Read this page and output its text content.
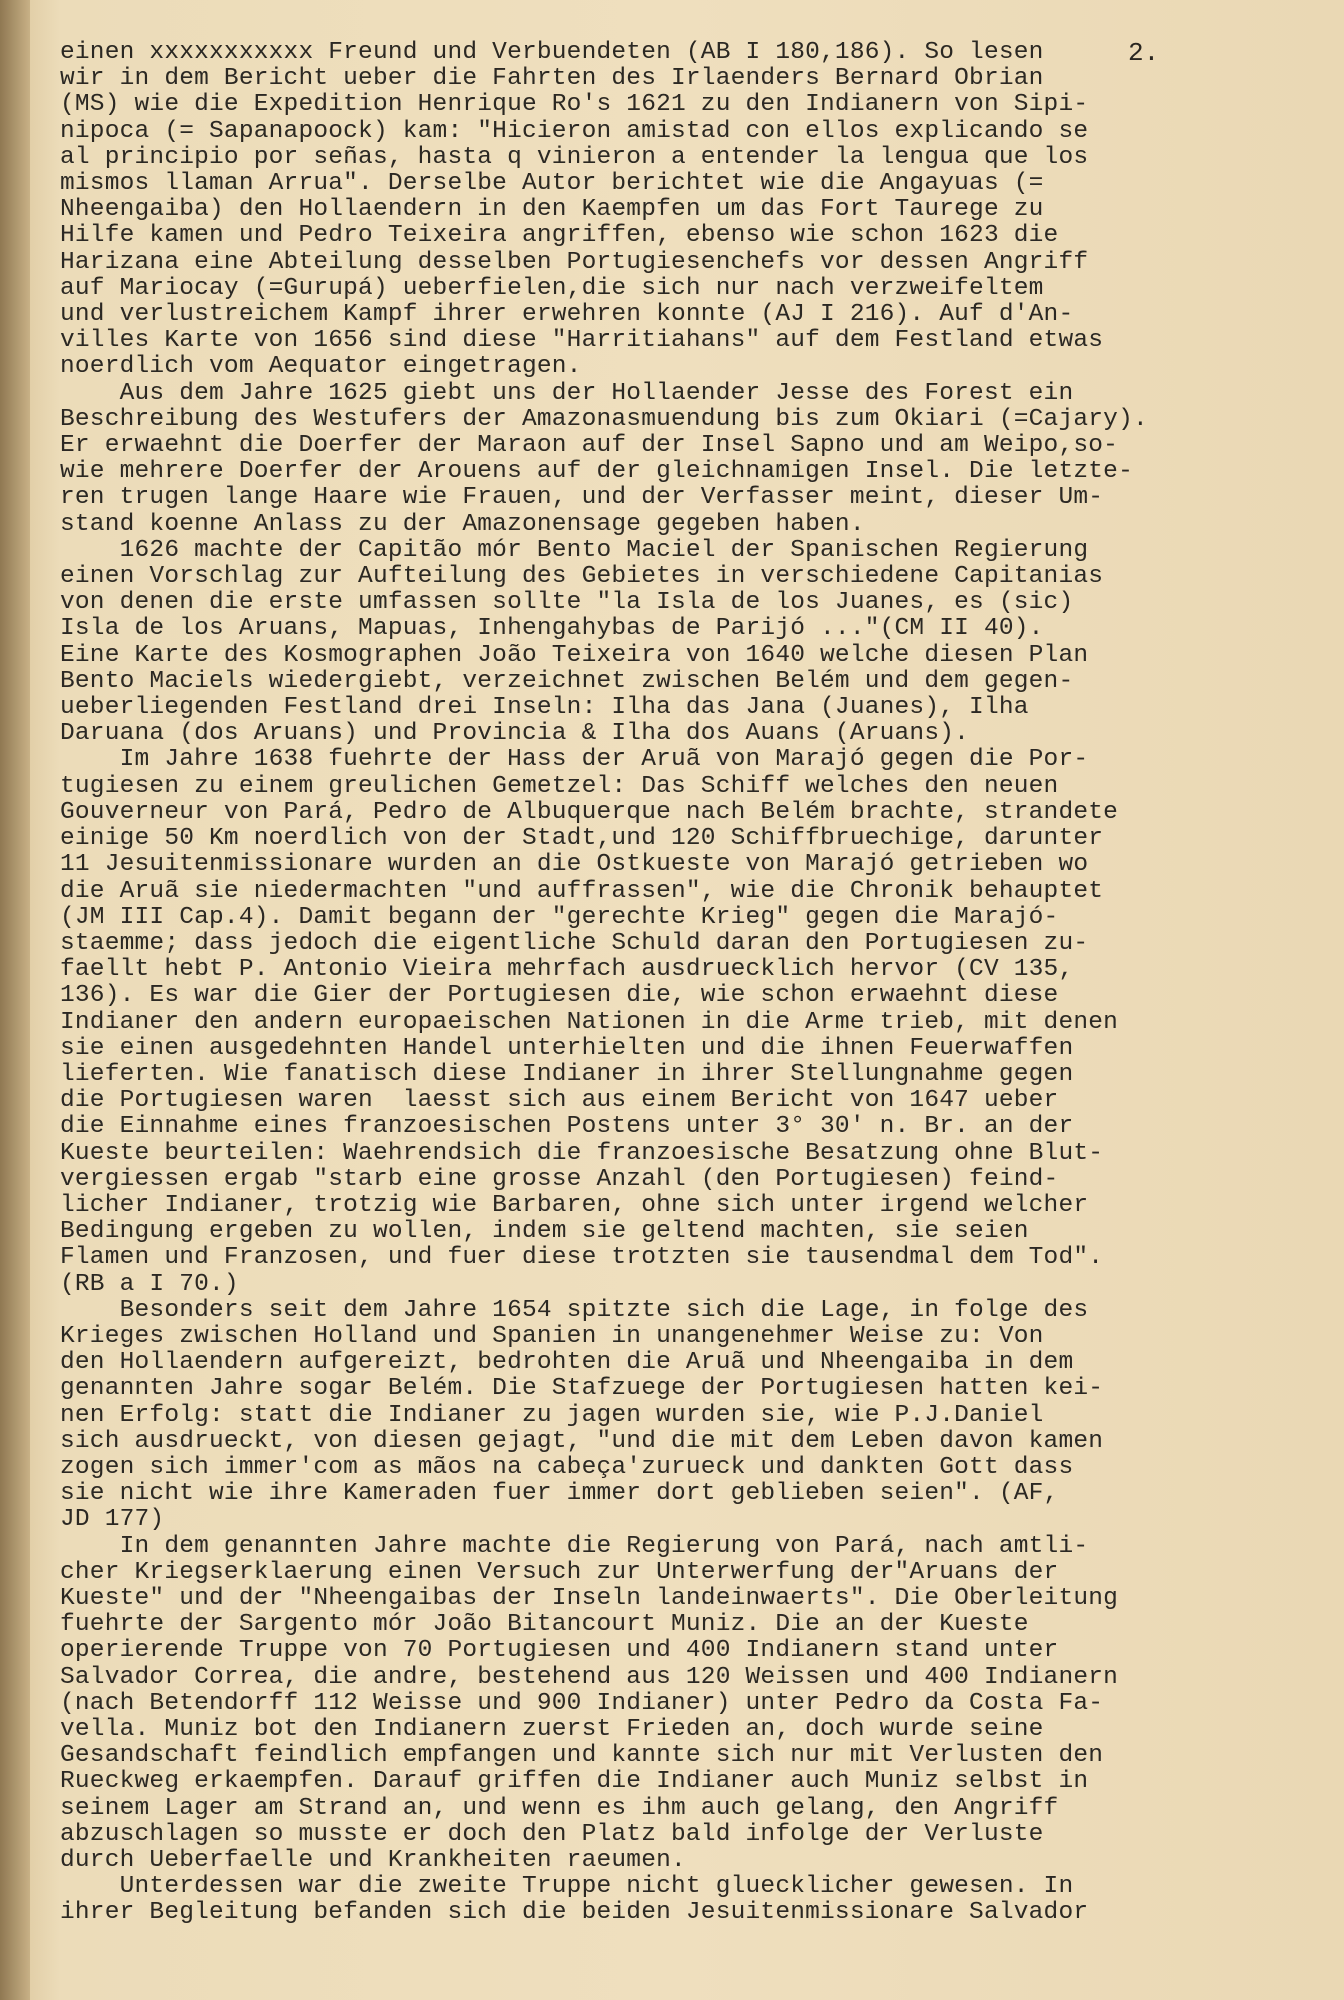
2.
einen xxxxxxxxxxx Freund und Verbuendeten (AB I 180,186). So lesen
wir in dem Bericht ueber die Fahrten des Irlaenders Bernard Obrian
(MS) wie die Expedition Henrique Ro's 1621 zu den Indianern von Sipi-
nipoca (= Sapanapoock) kam: "Hicieron amistad con ellos explicando se
al principio por señas, hasta q vinieron a entender la lengua que los
mismos llaman Arrua". Derselbe Autor berichtet wie die Angayuas (=
Nheengaiba) den Hollaendern in den Kaempfen um das Fort Taurege zu
Hilfe kamen und Pedro Teixeira angriffen, ebenso wie schon 1623 die
Harizana eine Abteilung desselben Portugiesenchefs vor dessen Angriff
auf Mariocay (=Gurupá) ueberfielen,die sich nur nach verzweifeltem
und verlustreichem Kampf ihrer erwehren konnte (AJ I 216). Auf d'An-
villes Karte von 1656 sind diese "Harritiahans" auf dem Festland etwas
noerdlich vom Aequator eingetragen.
Aus dem Jahre 1625 giebt uns der Hollaender Jesse des Forest ein
Beschreibung des Westufers der Amazonasmuendung bis zum Okiari (=Cajary).
Er erwaehnt die Doerfer der Maraon auf der Insel Sapno und am Weipo,so-
wie mehrere Doerfer der Arouens auf der gleichnamigen Insel. Die letzte-
ren trugen lange Haare wie Frauen, und der Verfasser meint, dieser Um-
stand koenne Anlass zu der Amazonensage gegeben haben.
1626 machte der Capitão mór Bento Maciel der Spanischen Regierung
einen Vorschlag zur Aufteilung des Gebietes in verschiedene Capitanias
von denen die erste umfassen sollte "la Isla de los Juanes, es (sic)
Isla de los Aruans, Mapuas, Inhengahybas de Parijó ..."(CM II 40).
Eine Karte des Kosmographen João Teixeira von 1640 welche diesen Plan
Bento Maciels wiedergiebt, verzeichnet zwischen Belém und dem gegen-
ueberliegenden Festland drei Inseln: Ilha das Jana (Juanes), Ilha
Daruana (dos Aruans) und Provincia & Ilha dos Auans (Aruans).
Im Jahre 1638 fuehrte der Hass der Aruã von Marajó gegen die Por-
tugiesen zu einem greulichen Gemetzel: Das Schiff welches den neuen
Gouverneur von Pará, Pedro de Albuquerque nach Belém brachte, strandete
einige 50 Km noerdlich von der Stadt,und 120 Schiffbruechige, darunter
11 Jesuitenmissionare wurden an die Ostkueste von Marajó getrieben wo
die Aruã sie niedermachten "und auffrassen", wie die Chronik behauptet
(JM III Cap.4). Damit begann der "gerechte Krieg" gegen die Marajó-
staemme; dass jedoch die eigentliche Schuld daran den Portugiesen zu-
faellt hebt P. Antonio Vieira mehrfach ausdruecklich hervor (CV 135,
136). Es war die Gier der Portugiesen die, wie schon erwaehnt diese
Indianer den andern europaeischen Nationen in die Arme trieb, mit denen
sie einen ausgedehnten Handel unterhielten und die ihnen Feuerwaffen
lieferten. Wie fanatisch diese Indianer in ihrer Stellungnahme gegen
die Portugiesen waren  laesst sich aus einem Bericht von 1647 ueber
die Einnahme eines franzoesischen Postens unter 3° 30' n. Br. an der
Kueste beurteilen: Waehrendsich die franzoesische Besatzung ohne Blut-
vergiessen ergab "starb eine grosse Anzahl (den Portugiesen) feind-
licher Indianer, trotzig wie Barbaren, ohne sich unter irgend welcher
Bedingung ergeben zu wollen, indem sie geltend machten, sie seien
Flamen und Franzosen, und fuer diese trotzten sie tausendmal dem Tod".
(RB a I 70.)
Besonders seit dem Jahre 1654 spitzte sich die Lage, in folge des
Krieges zwischen Holland und Spanien in unangenehmer Weise zu: Von
den Hollaendern aufgereizt, bedrohten die Aruã und Nheengaiba in dem
genannten Jahre sogar Belém. Die Stafzuege der Portugiesen hatten kei-
nen Erfolg: statt die Indianer zu jagen wurden sie, wie P.J.Daniel
sich ausdrueckt, von diesen gejagt, "und die mit dem Leben davon kamen
zogen sich immer'com as mãos na cabeça'zurueck und dankten Gott dass
sie nicht wie ihre Kameraden fuer immer dort geblieben seien". (AF,
JD 177)
In dem genannten Jahre machte die Regierung von Pará, nach amtli-
cher Kriegserklaerung einen Versuch zur Unterwerfung der"Aruans der
Kueste" und der "Nheengaibas der Inseln landeinwaerts". Die Oberleitung
fuehrte der Sargento mór João Bitancourt Muniz. Die an der Kueste
operierende Truppe von 70 Portugiesen und 400 Indianern stand unter
Salvador Correa, die andre, bestehend aus 120 Weissen und 400 Indianern
(nach Betendorff 112 Weisse und 900 Indianer) unter Pedro da Costa Fa-
vella. Muniz bot den Indianern zuerst Frieden an, doch wurde seine
Gesandschaft feindlich empfangen und kannte sich nur mit Verlusten den
Rueckweg erkaempfen. Darauf griffen die Indianer auch Muniz selbst in
seinem Lager am Strand an, und wenn es ihm auch gelang, den Angriff
abzuschlagen so musste er doch den Platz bald infolge der Verluste
durch Ueberfaelle und Krankheiten raeumen.
Unterdessen war die zweite Truppe nicht gluecklicher gewesen. In
ihrer Begleitung befanden sich die beiden Jesuitenmissionare Salvador
